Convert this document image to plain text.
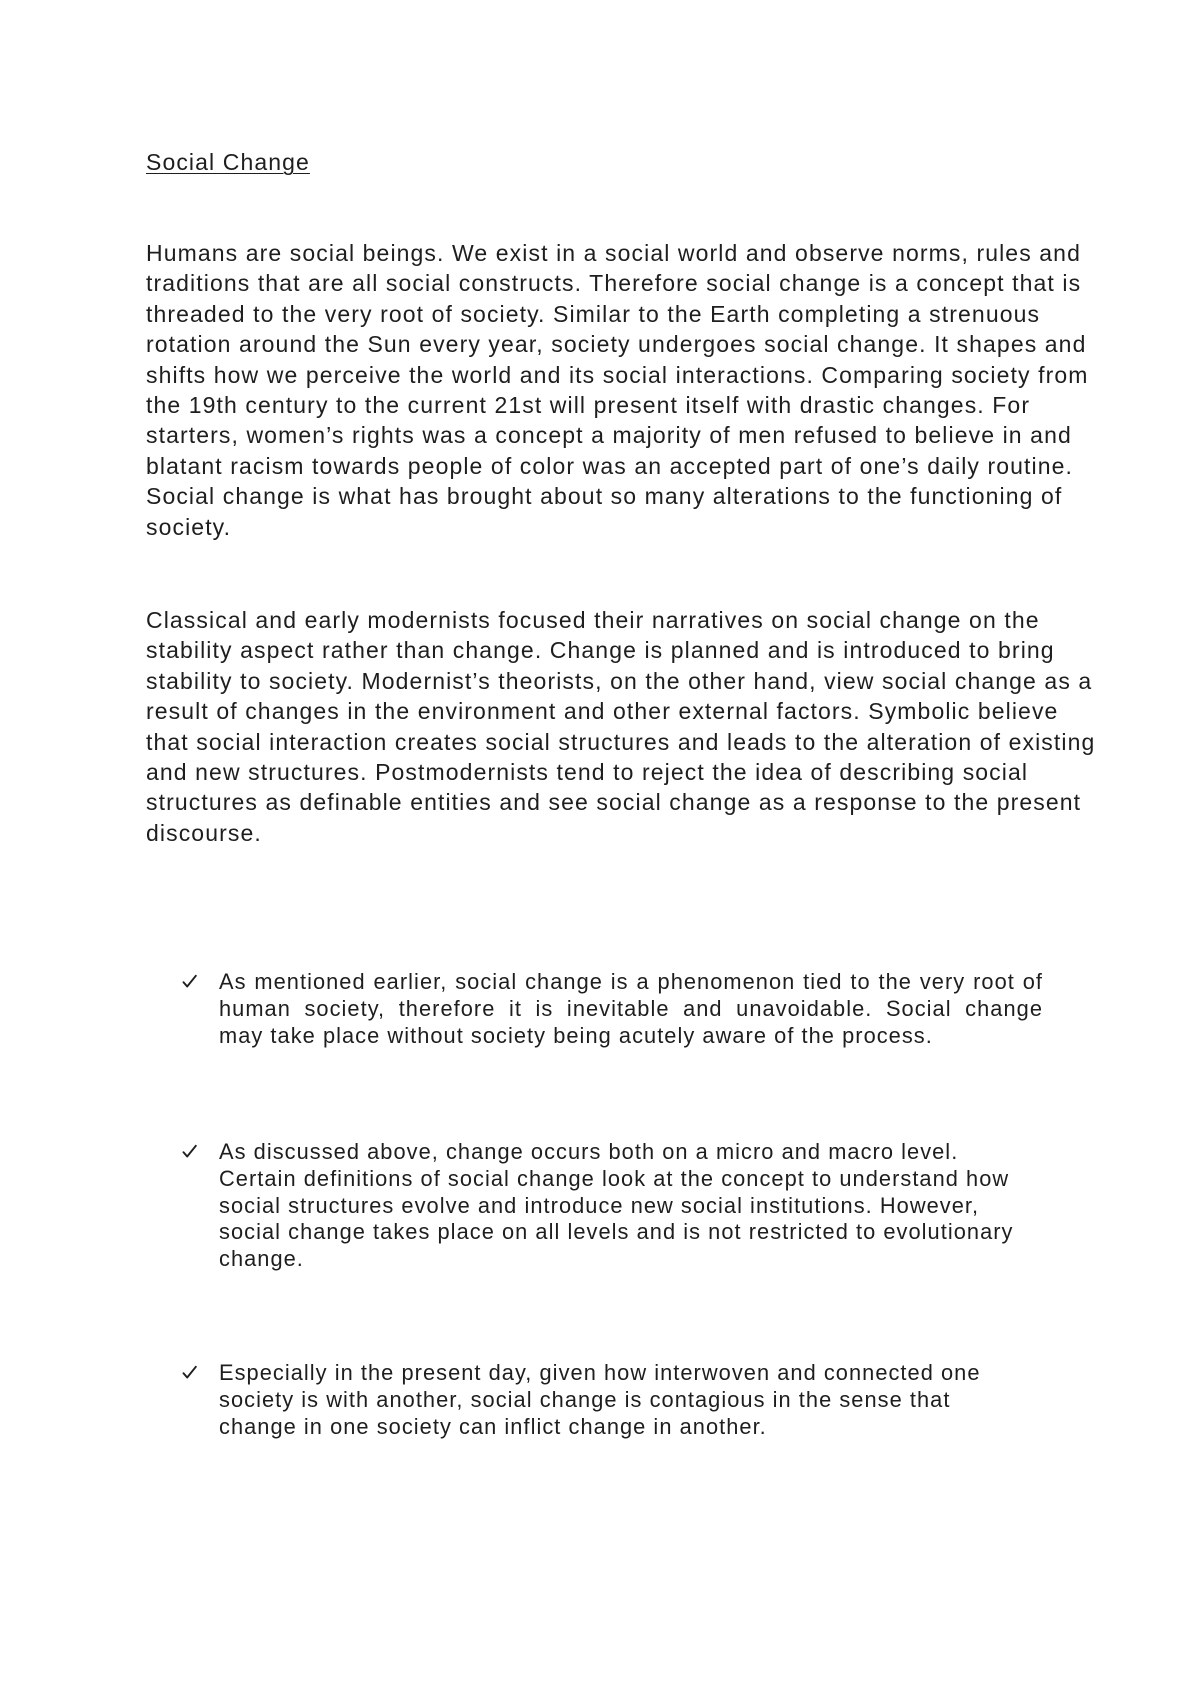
Social Change
Humans are social beings. We exist in a social world and observe norms, rules and
traditions that are all social constructs. Therefore social change is a concept that is
threaded to the very root of society. Similar to the Earth completing a strenuous
rotation around the Sun every year, society undergoes social change. It shapes and
shifts how we perceive the world and its social interactions. Comparing society from
the 19th century to the current 21st will present itself with drastic changes. For
starters, women’s rights was a concept a majority of men refused to believe in and
blatant racism towards people of color was an accepted part of one’s daily routine.
Social change is what has brought about so many alterations to the functioning of
society.
Classical and early modernists focused their narratives on social change on the
stability aspect rather than change. Change is planned and is introduced to bring
stability to society. Modernist’s theorists, on the other hand, view social change as a
result of changes in the environment and other external factors. Symbolic believe
that social interaction creates social structures and leads to the alteration of existing
and new structures. Postmodernists tend to reject the idea of describing social
structures as definable entities and see social change as a response to the present
discourse.
As mentioned earlier, social change is a phenomenon tied to the very root of
human society, therefore it is inevitable and unavoidable. Social change
may take place without society being acutely aware of the process.
As discussed above, change occurs both on a micro and macro level.
Certain definitions of social change look at the concept to understand how
social structures evolve and introduce new social institutions. However,
social change takes place on all levels and is not restricted to evolutionary
change.
Especially in the present day, given how interwoven and connected one
society is with another, social change is contagious in the sense that
change in one society can inflict change in another.
